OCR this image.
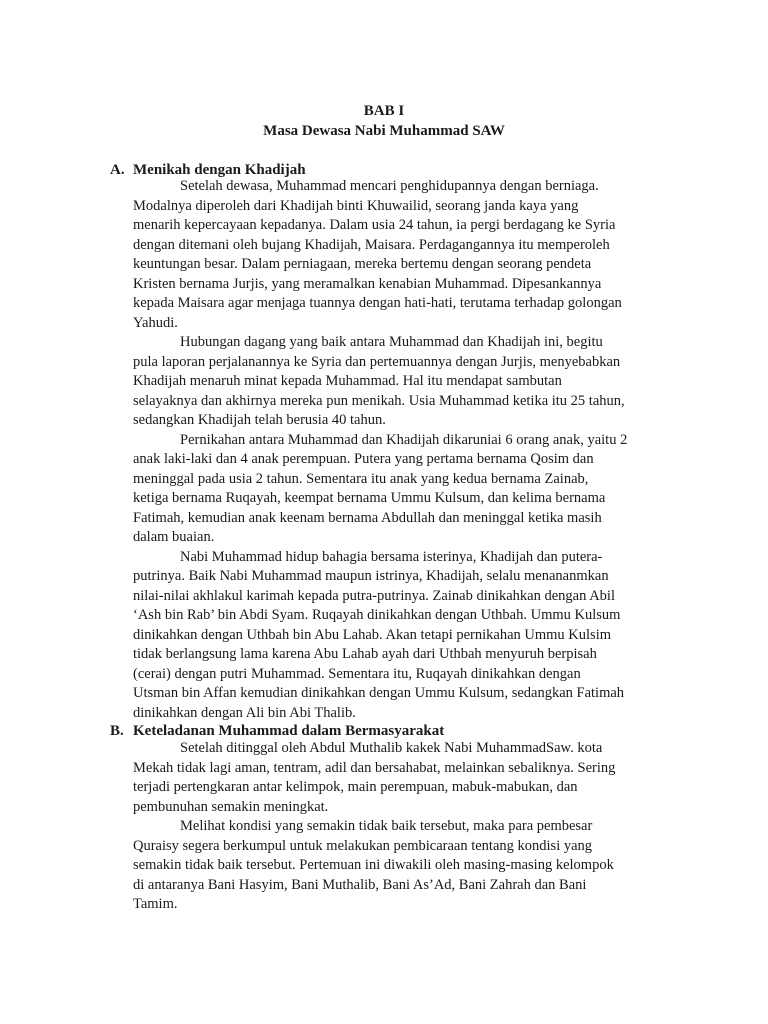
BAB I
Masa Dewasa Nabi Muhammad SAW
A. Menikah dengan Khadijah
Setelah dewasa, Muhammad mencari penghidupannya dengan berniaga.
Modalnya diperoleh dari Khadijah binti Khuwailid, seorang janda kaya yang
menarih kepercayaan kepadanya. Dalam usia 24 tahun, ia pergi berdagang ke Syria
dengan ditemani oleh bujang Khadijah, Maisara. Perdagangannya itu memperoleh
keuntungan besar. Dalam perniagaan, mereka bertemu dengan seorang pendeta
Kristen bernama Jurjis, yang meramalkan kenabian Muhammad. Dipesankannya
kepada Maisara agar menjaga tuannya dengan hati-hati, terutama terhadap golongan
Yahudi.
Hubungan dagang yang baik antara Muhammad dan Khadijah ini, begitu
pula laporan perjalanannya ke Syria dan pertemuannya dengan Jurjis, menyebabkan
Khadijah menaruh minat kepada Muhammad. Hal itu mendapat sambutan
selayaknya dan akhirnya mereka pun menikah. Usia Muhammad ketika itu 25 tahun,
sedangkan Khadijah telah berusia 40 tahun.
Pernikahan antara Muhammad dan Khadijah dikaruniai 6 orang anak, yaitu 2
anak laki-laki dan 4 anak perempuan. Putera yang pertama bernama Qosim dan
meninggal pada usia 2 tahun. Sementara itu anak yang kedua bernama Zainab,
ketiga bernama Ruqayah, keempat bernama Ummu Kulsum, dan kelima bernama
Fatimah, kemudian anak keenam bernama Abdullah dan meninggal ketika masih
dalam buaian.
Nabi Muhammad hidup bahagia bersama isterinya, Khadijah dan putera-
putrinya. Baik Nabi Muhammad maupun istrinya, Khadijah, selalu menananmkan
nilai-nilai akhlakul karimah kepada putra-putrinya. Zainab dinikahkan dengan Abil
‘Ash bin Rab’ bin Abdi Syam. Ruqayah dinikahkan dengan Uthbah. Ummu Kulsum
dinikahkan dengan Uthbah bin Abu Lahab. Akan tetapi pernikahan Ummu Kulsim
tidak berlangsung lama karena Abu Lahab ayah dari Uthbah menyuruh berpisah
(cerai) dengan putri Muhammad. Sementara itu, Ruqayah dinikahkan dengan
Utsman bin Affan kemudian dinikahkan dengan Ummu Kulsum, sedangkan Fatimah
dinikahkan dengan Ali bin Abi Thalib.
B. Keteladanan Muhammad dalam Bermasyarakat
Setelah ditinggal oleh Abdul Muthalib kakek Nabi MuhammadSaw. kota
Mekah tidak lagi aman, tentram, adil dan bersahabat, melainkan sebaliknya. Sering
terjadi pertengkaran antar kelimpok, main perempuan, mabuk-mabukan, dan
pembunuhan semakin meningkat.
Melihat kondisi yang semakin tidak baik tersebut, maka para pembesar
Quraisy segera berkumpul untuk melakukan pembicaraan tentang kondisi yang
semakin tidak baik tersebut. Pertemuan ini diwakili oleh masing-masing kelompok
di antaranya Bani Hasyim, Bani Muthalib, Bani As’Ad, Bani Zahrah dan Bani
Tamim.
